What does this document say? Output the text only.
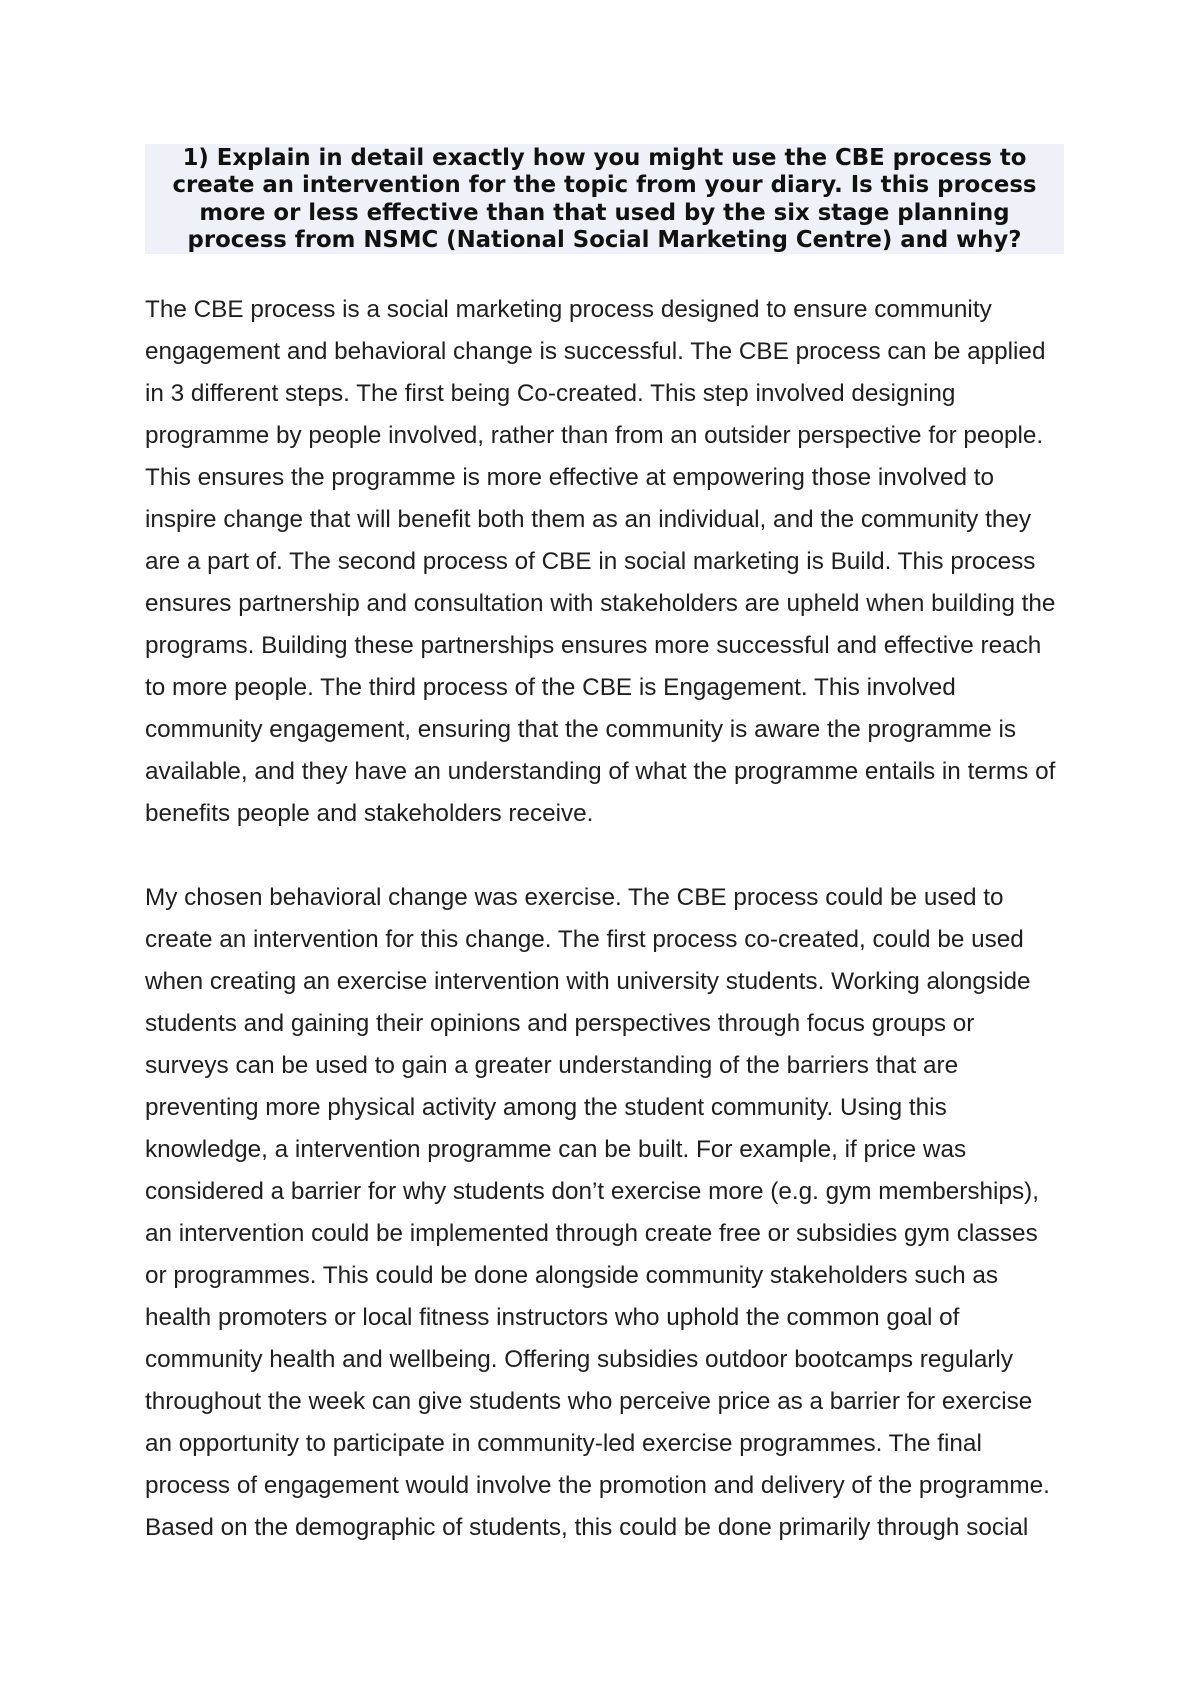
1) Explain in detail exactly how you might use the CBE process to
create an intervention for the topic from your diary. Is this process
more or less effective than that used by the six stage planning
process from NSMC (National Social Marketing Centre) and why?
The CBE process is a social marketing process designed to ensure community
engagement and behavioral change is successful. The CBE process can be applied
in 3 different steps. The first being Co-created. This step involved designing
programme by people involved, rather than from an outsider perspective for people.
This ensures the programme is more effective at empowering those involved to
inspire change that will benefit both them as an individual, and the community they
are a part of. The second process of CBE in social marketing is Build. This process
ensures partnership and consultation with stakeholders are upheld when building the
programs. Building these partnerships ensures more successful and effective reach
to more people. The third process of the CBE is Engagement. This involved
community engagement, ensuring that the community is aware the programme is
available, and they have an understanding of what the programme entails in terms of
benefits people and stakeholders receive.
My chosen behavioral change was exercise. The CBE process could be used to
create an intervention for this change. The first process co-created, could be used
when creating an exercise intervention with university students. Working alongside
students and gaining their opinions and perspectives through focus groups or
surveys can be used to gain a greater understanding of the barriers that are
preventing more physical activity among the student community. Using this
knowledge, a intervention programme can be built. For example, if price was
considered a barrier for why students don’t exercise more (e.g. gym memberships),
an intervention could be implemented through create free or subsidies gym classes
or programmes. This could be done alongside community stakeholders such as
health promoters or local fitness instructors who uphold the common goal of
community health and wellbeing. Offering subsidies outdoor bootcamps regularly
throughout the week can give students who perceive price as a barrier for exercise
an opportunity to participate in community-led exercise programmes. The final
process of engagement would involve the promotion and delivery of the programme.
Based on the demographic of students, this could be done primarily through social
